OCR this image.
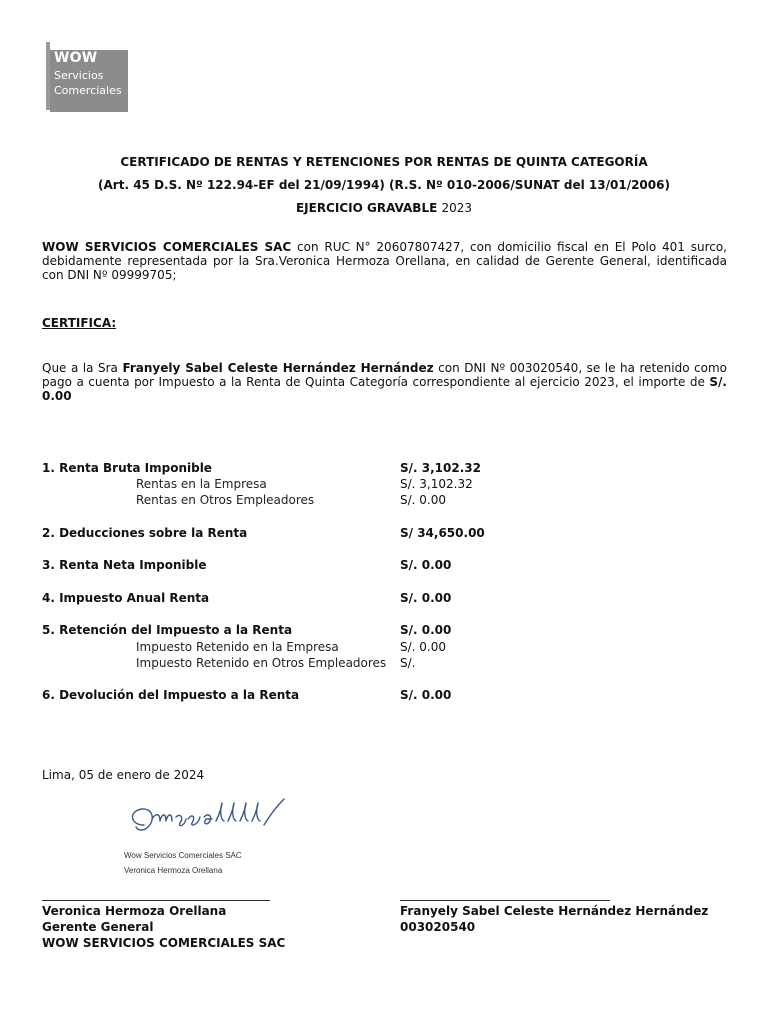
WOW
Servicios
Comerciales
CERTIFICADO DE RENTAS Y RETENCIONES POR RENTAS DE QUINTA CATEGORÍA
(Art. 45 D.S. Nº 122.94-EF del 21/09/1994) (R.S. Nº 010-2006/SUNAT del 13/01/2006)
EJERCICIO GRAVABLE 2023
WOW SERVICIOS COMERCIALES SAC con RUC N° 20607807427, con domicilio fiscal en El Polo 401 surco, debidamente representada por la Sra.Veronica Hermoza Orellana, en calidad de Gerente General, identificada con DNI Nº 09999705;
CERTIFICA:
Que a la Sra Franyely Sabel Celeste Hernández Hernández con DNI Nº 003020540, se le ha retenido como pago a cuenta por Impuesto a la Renta de Quinta Categoría correspondiente al ejercicio 2023, el importe de S/. 0.00
1. Renta Bruta Imponible	S/. 3,102.32
Rentas en la Empresa	S/. 3,102.32
Rentas en Otros Empleadores	S/. 0.00
2. Deducciones sobre la Renta	S/ 34,650.00
3. Renta Neta Imponible	S/. 0.00
4. Impuesto Anual Renta	S/. 0.00
5. Retención del Impuesto a la Renta	S/. 0.00
Impuesto Retenido en la Empresa	S/. 0.00
Impuesto Retenido en Otros Empleadores S/.
6. Devolución del Impuesto a la Renta	S/. 0.00
Lima, 05 de enero de 2024
Wow Servicios Comerciales SAC
Veronica Hermoza Orellana
Veronica Hermoza Orellana
Gerente General
WOW SERVICIOS COMERCIALES SAC
Franyely Sabel Celeste Hernández Hernández
003020540
